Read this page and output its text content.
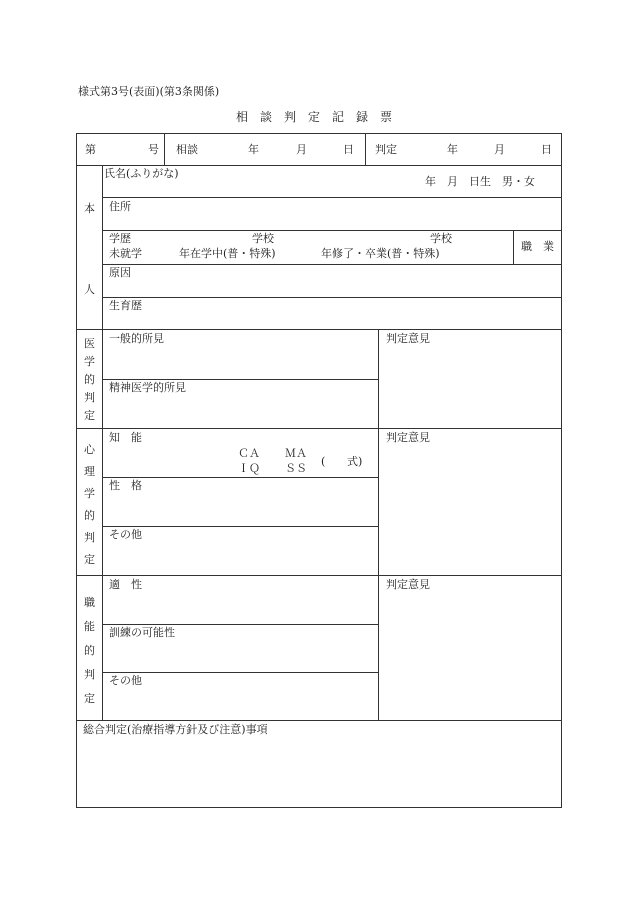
様式第3号(表面)(第3条関係)
相　談　判　定　記　録　票
第	号 相談	年	月	日 判定	年	月	日
本
人
氏名(ふりがな)
年　月　日生　男・女
住所
学歴	学校	学校
未就学	年在学中(普・特殊)	年修了・卒業(普・特殊)
職　業
原因
生育歴
医
学
的
判
定
一般的所見
精神医学的所見
判定意見
心
理
学
的
判
定
知　能
ＣＡ ＭＡ
ＩＱ ＳＳ
( 式)
性　格
その他
判定意見
職
能
的
判
定
適　性
訓練の可能性
その他
判定意見
総合判定(治療指導方針及び注意)事項
